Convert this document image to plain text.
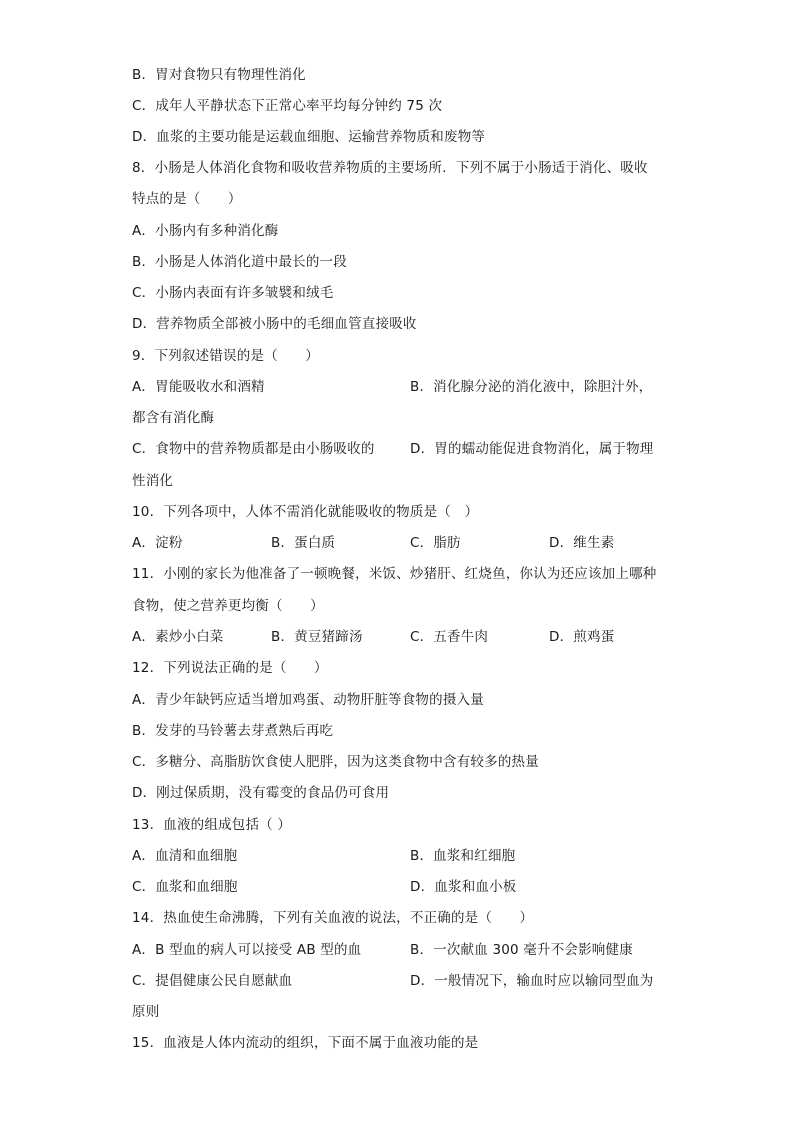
B．胃对食物只有物理性消化
C．成年人平静状态下正常心率平均每分钟约 75 次
D．血浆的主要功能是运载血细胞、运输营养物质和废物等
8．小肠是人体消化食物和吸收营养物质的主要场所．下列不属于小肠适于消化、吸收
特点的是（　　）
A．小肠内有多种消化酶
B．小肠是人体消化道中最长的一段
C．小肠内表面有许多皱襞和绒毛
D．营养物质全部被小肠中的毛细血管直接吸收
9．下列叙述错误的是（　　）
A．胃能吸收水和酒精	B．消化腺分泌的消化液中，除胆汁外，
都含有消化酶
C．食物中的营养物质都是由小肠吸收的	D．胃的蠕动能促进食物消化，属于物理
性消化
10．下列各项中，人体不需消化就能吸收的物质是（　）
A．淀粉	B．蛋白质	C．脂肪	D．维生素
11．小刚的家长为他准备了一顿晚餐，米饭、炒猪肝、红烧鱼，你认为还应该加上哪种
食物，使之营养更均衡（　　）
A．素炒小白菜	B．黄豆猪蹄汤	C．五香牛肉	D．煎鸡蛋
12．下列说法正确的是（　　）
A．青少年缺钙应适当增加鸡蛋、动物肝脏等食物的摄入量
B．发芽的马铃薯去芽煮熟后再吃
C．多糖分、高脂肪饮食使人肥胖，因为这类食物中含有较多的热量
D．刚过保质期，没有霉变的食品仍可食用
13．血液的组成包括（ ）
A．血清和血细胞	B．血浆和红细胞
C．血浆和血细胞	D．血浆和血小板
14．热血使生命沸腾，下列有关血液的说法，不正确的是（　　）
A．B 型血的病人可以接受 AB 型的血	B．一次献血 300 毫升不会影响健康
C．提倡健康公民自愿献血	D．一般情况下，输血时应以输同型血为
原则
15．血液是人体内流动的组织，下面不属于血液功能的是
